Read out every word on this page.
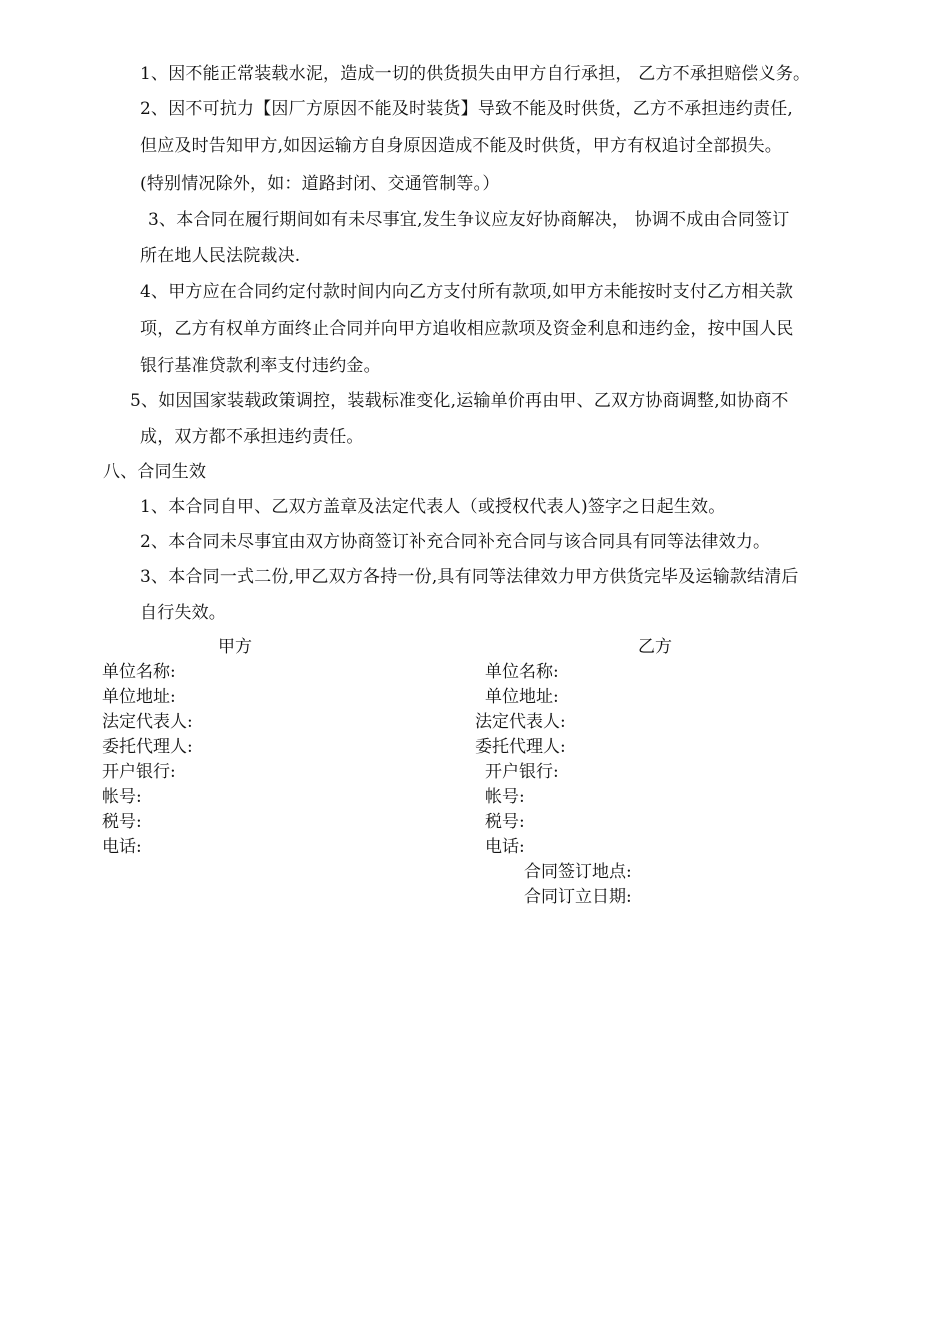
1、因不能正常装载水泥，造成一切的供货损失由甲方自行承担， 乙方不承担赔偿义务。
2、因不可抗力【因厂方原因不能及时装货】导致不能及时供货，乙方不承担违约责任,
但应及时告知甲方,如因运输方自身原因造成不能及时供货，甲方有权追讨全部损失。
(特别情况除外，如：道路封闭、交通管制等。）
3、本合同在履行期间如有未尽事宜,发生争议应友好协商解决， 协调不成由合同签订
所在地人民法院裁决.
4、甲方应在合同约定付款时间内向乙方支付所有款项,如甲方未能按时支付乙方相关款
项，乙方有权单方面终止合同并向甲方追收相应款项及资金利息和违约金，按中国人民
银行基准贷款利率支付违约金。
5、如因国家装载政策调控，装载标准变化,运输单价再由甲、乙双方协商调整,如协商不
成，双方都不承担违约责任。
八、合同生效
1、本合同自甲、乙双方盖章及法定代表人（或授权代表人)签字之日起生效。
2、本合同未尽事宜由双方协商签订补充合同补充合同与该合同具有同等法律效力。
3、本合同一式二份,甲乙双方各持一份,具有同等法律效力甲方供货完毕及运输款结清后
自行失效。
甲方
单位名称:
单位地址:
法定代表人:
委托代理人:
开户银行:
帐号:
税号:
电话:
乙方
单位名称:
单位地址:
法定代表人:
委托代理人:
开户银行:
帐号:
税号:
电话:
合同签订地点:
合同订立日期:
